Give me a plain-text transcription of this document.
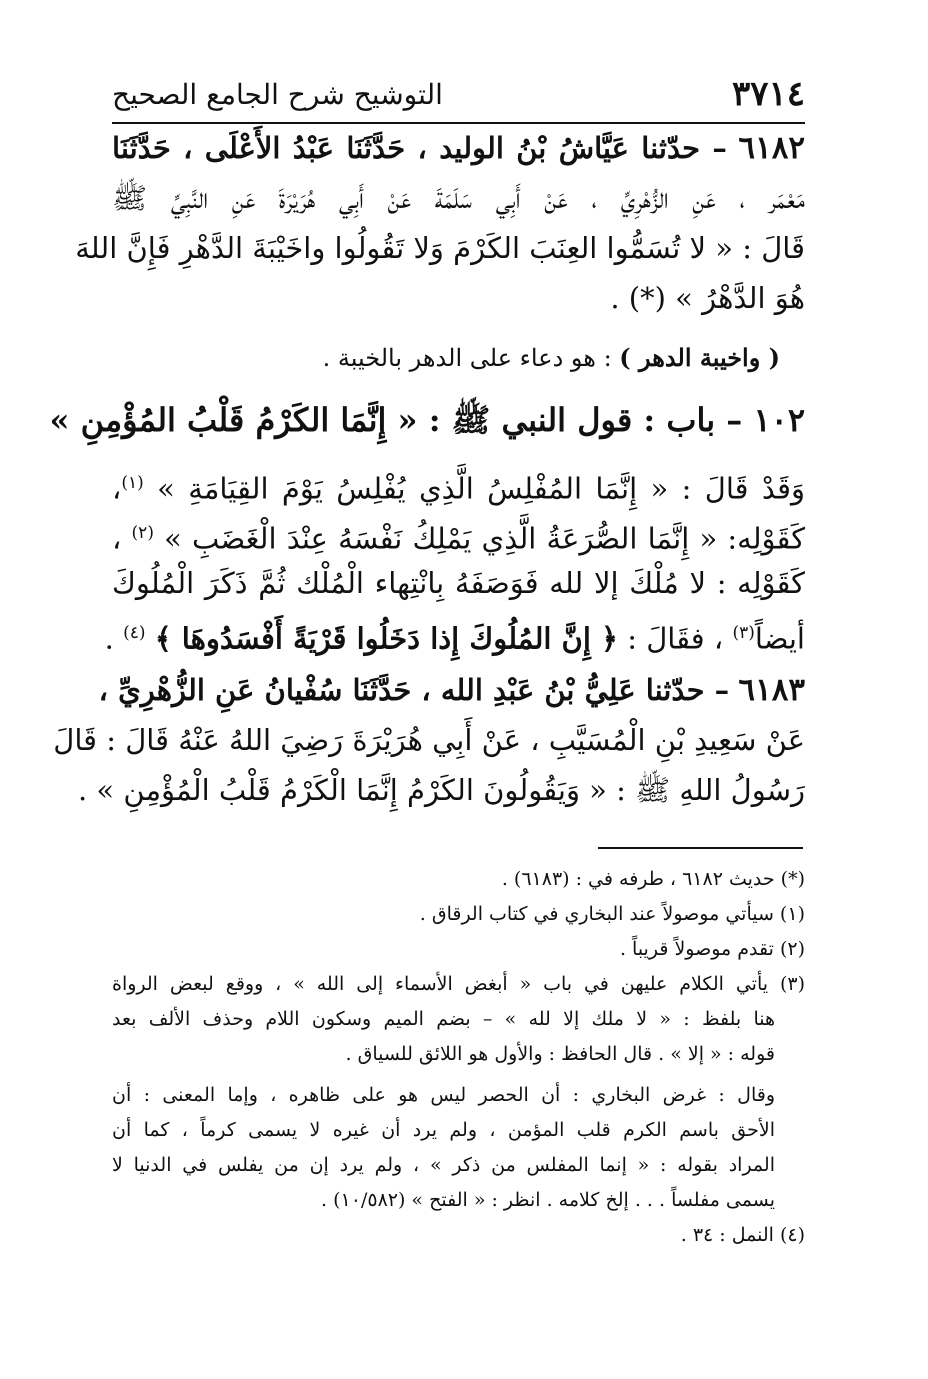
٣٧١٤
التوشيح شرح الجامع الصحيح
٦١٨٢ – حدّثنا عَيَّاشُ بْنُ الوليد ، حَدَّثَنَا عَبْدُ الأَعْلَى ، حَدَّثَنَا
مَعْمَر ، عَنِ الزُّهْرِيِّ ، عَنْ أَبِي سَلَمَةَ عَنْ أَبِي هُرَيْرَةَ عَنِ النَّبِيِّ ﷺ
قَالَ : « لا تُسَمُّوا العِنَبَ الكَرْمَ وَلا تَقُولُوا واخَيْبَةَ الدَّهْرِ فَإِنَّ اللهَ
هُوَ الدَّهْرُ » (*) .
( واخيبة الدهر ) : هو دعاء على الدهر بالخيبة .
١٠٢ – باب : قول النبي ﷺ : « إِنَّمَا الكَرْمُ قَلْبُ المُؤْمِنِ »
وَقَدْ قَالَ : « إِنَّمَا المُفْلِسُ الَّذِي يُفْلِسُ يَوْمَ القِيَامَةِ » $^{(١)}$،
كَقَوْلِه: « إِنَّمَا الصُّرَعَةُ الَّذِي يَمْلِكُ نَفْسَهُ عِنْدَ الْغَضَبِ » $^{(٢)}$ ،
كَقَوْلِه : لا مُلْكَ إلا لله فَوَصَفَهُ بِانْتِهاء الْمُلْك ثُمَّ ذَكَرَ الْمُلُوكَ
أيضاً$^{(٣)}$ ، فقَالَ : ﴿ إِنَّ المُلُوكَ إِذا دَخَلُوا قَرْيَةً أَفْسَدُوهَا ﴾ $^{(٤)}$ .
٦١٨٣ – حدّثنا عَلِيُّ بْنُ عَبْدِ الله ، حَدَّثَنَا سُفْيانُ عَنِ الزُّهْرِيِّ ،
عَنْ سَعِيدِ بْنِ الْمُسَيَّبِ ، عَنْ أَبِي هُرَيْرَةَ رَضِيَ اللهُ عَنْهُ قَالَ : قَالَ
رَسُولُ اللهِ ﷺ : « وَيَقُولُونَ الكَرْمُ إِنَّمَا الْكَرْمُ قَلْبُ الْمُؤْمِنِ » .
(*) حديث ٦١٨٢ ، طرفه في : (٦١٨٣) .
(١) سيأتي موصولاً عند البخاري في كتاب الرقاق .
(٢) تقدم موصولاً قريباً .
(٣) يأتي الكلام عليهن في باب « أبغض الأسماء إلى الله » ، ووقع لبعض الرواة
هنا بلفظ : « لا ملك إلا لله » – بضم الميم وسكون اللام وحذف الألف بعد
قوله : « إلا » . قال الحافظ : والأول هو اللائق للسياق .
وقال : غرض البخاري : أن الحصر ليس هو على ظاهره ، وإما المعنى : أن
الأحق باسم الكرم قلب المؤمن ، ولم يرد أن غيره لا يسمى كرماً ، كما أن
المراد بقوله : « إنما المفلس من ذكر » ، ولم يرد إن من يفلس في الدنيا لا
يسمى مفلساً . . . إلخ كلامه . انظر : « الفتح » (١٠/٥٨٢) .
(٤) النمل : ٣٤ .
